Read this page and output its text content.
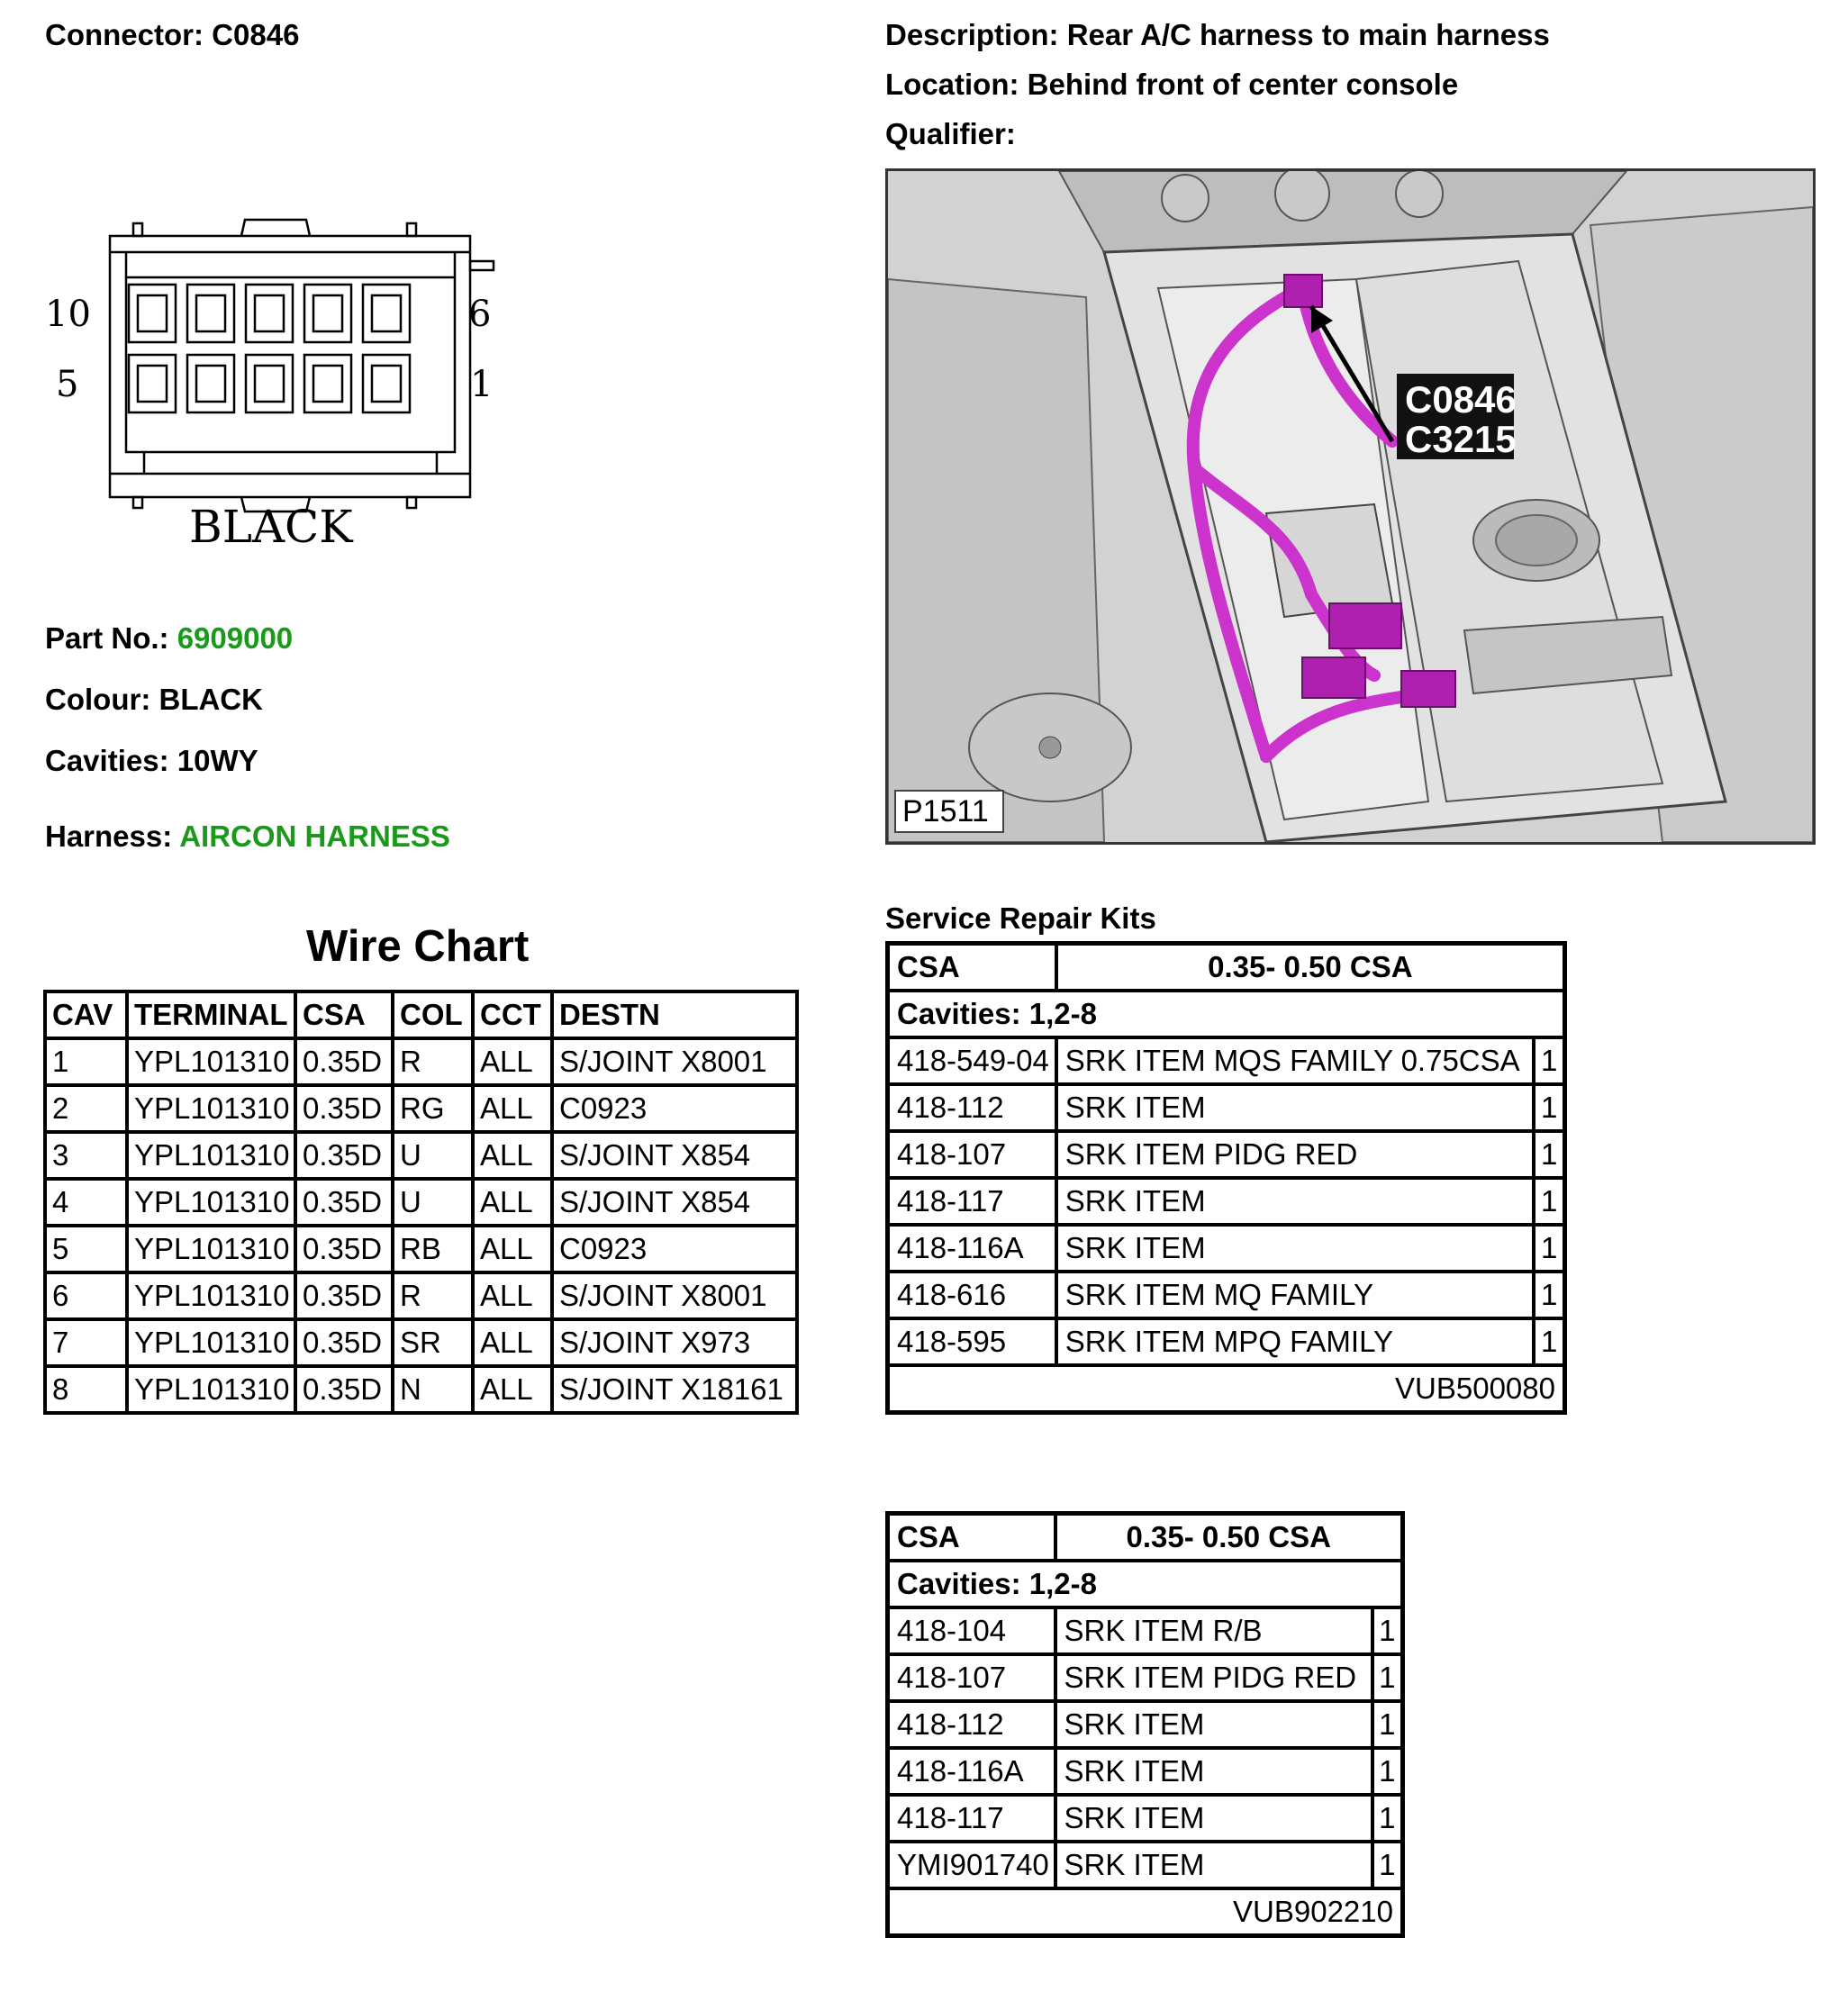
Connector: C0846	Description: Rear A/C harness to main harness
Location: Behind front of center console
Qualifier:
10
5
6
1
BLACK
Part No.: 6909000
Colour: BLACK
Cavities: 10WY
Harness: AIRCON HARNESS
C0846
C3215
P1511
Wire Chart
CAV	TERMINAL	CSA	COL	CCT	DESTN
1	YPL101310	0.35D	R	ALL	S/JOINT X8001
2	YPL101310	0.35D	RG	ALL	C0923
3	YPL101310	0.35D	U	ALL	S/JOINT X854
4	YPL101310	0.35D	U	ALL	S/JOINT X854
5	YPL101310	0.35D	RB	ALL	C0923
6	YPL101310	0.35D	R	ALL	S/JOINT X8001
7	YPL101310	0.35D	SR	ALL	S/JOINT X973
8	YPL101310	0.35D	N	ALL	S/JOINT X18161
Service Repair Kits
CSA	0.35- 0.50 CSA	
Cavities: 1,2-8		
418-549-04	SRK ITEM MQS FAMILY 0.75CSA	1
418-112	SRK ITEM	1
418-107	SRK ITEM PIDG RED	1
418-117	SRK ITEM	1
418-116A	SRK ITEM	1
418-616	SRK ITEM MQ FAMILY	1
418-595	SRK ITEM MPQ FAMILY	1
VUB500080		
CSA	0.35- 0.50 CSA	
Cavities: 1,2-8		
418-104	SRK ITEM R/B	1
418-107	SRK ITEM PIDG RED	1
418-112	SRK ITEM	1
418-116A	SRK ITEM	1
418-117	SRK ITEM	1
YMI901740	SRK ITEM	1
VUB902210		
